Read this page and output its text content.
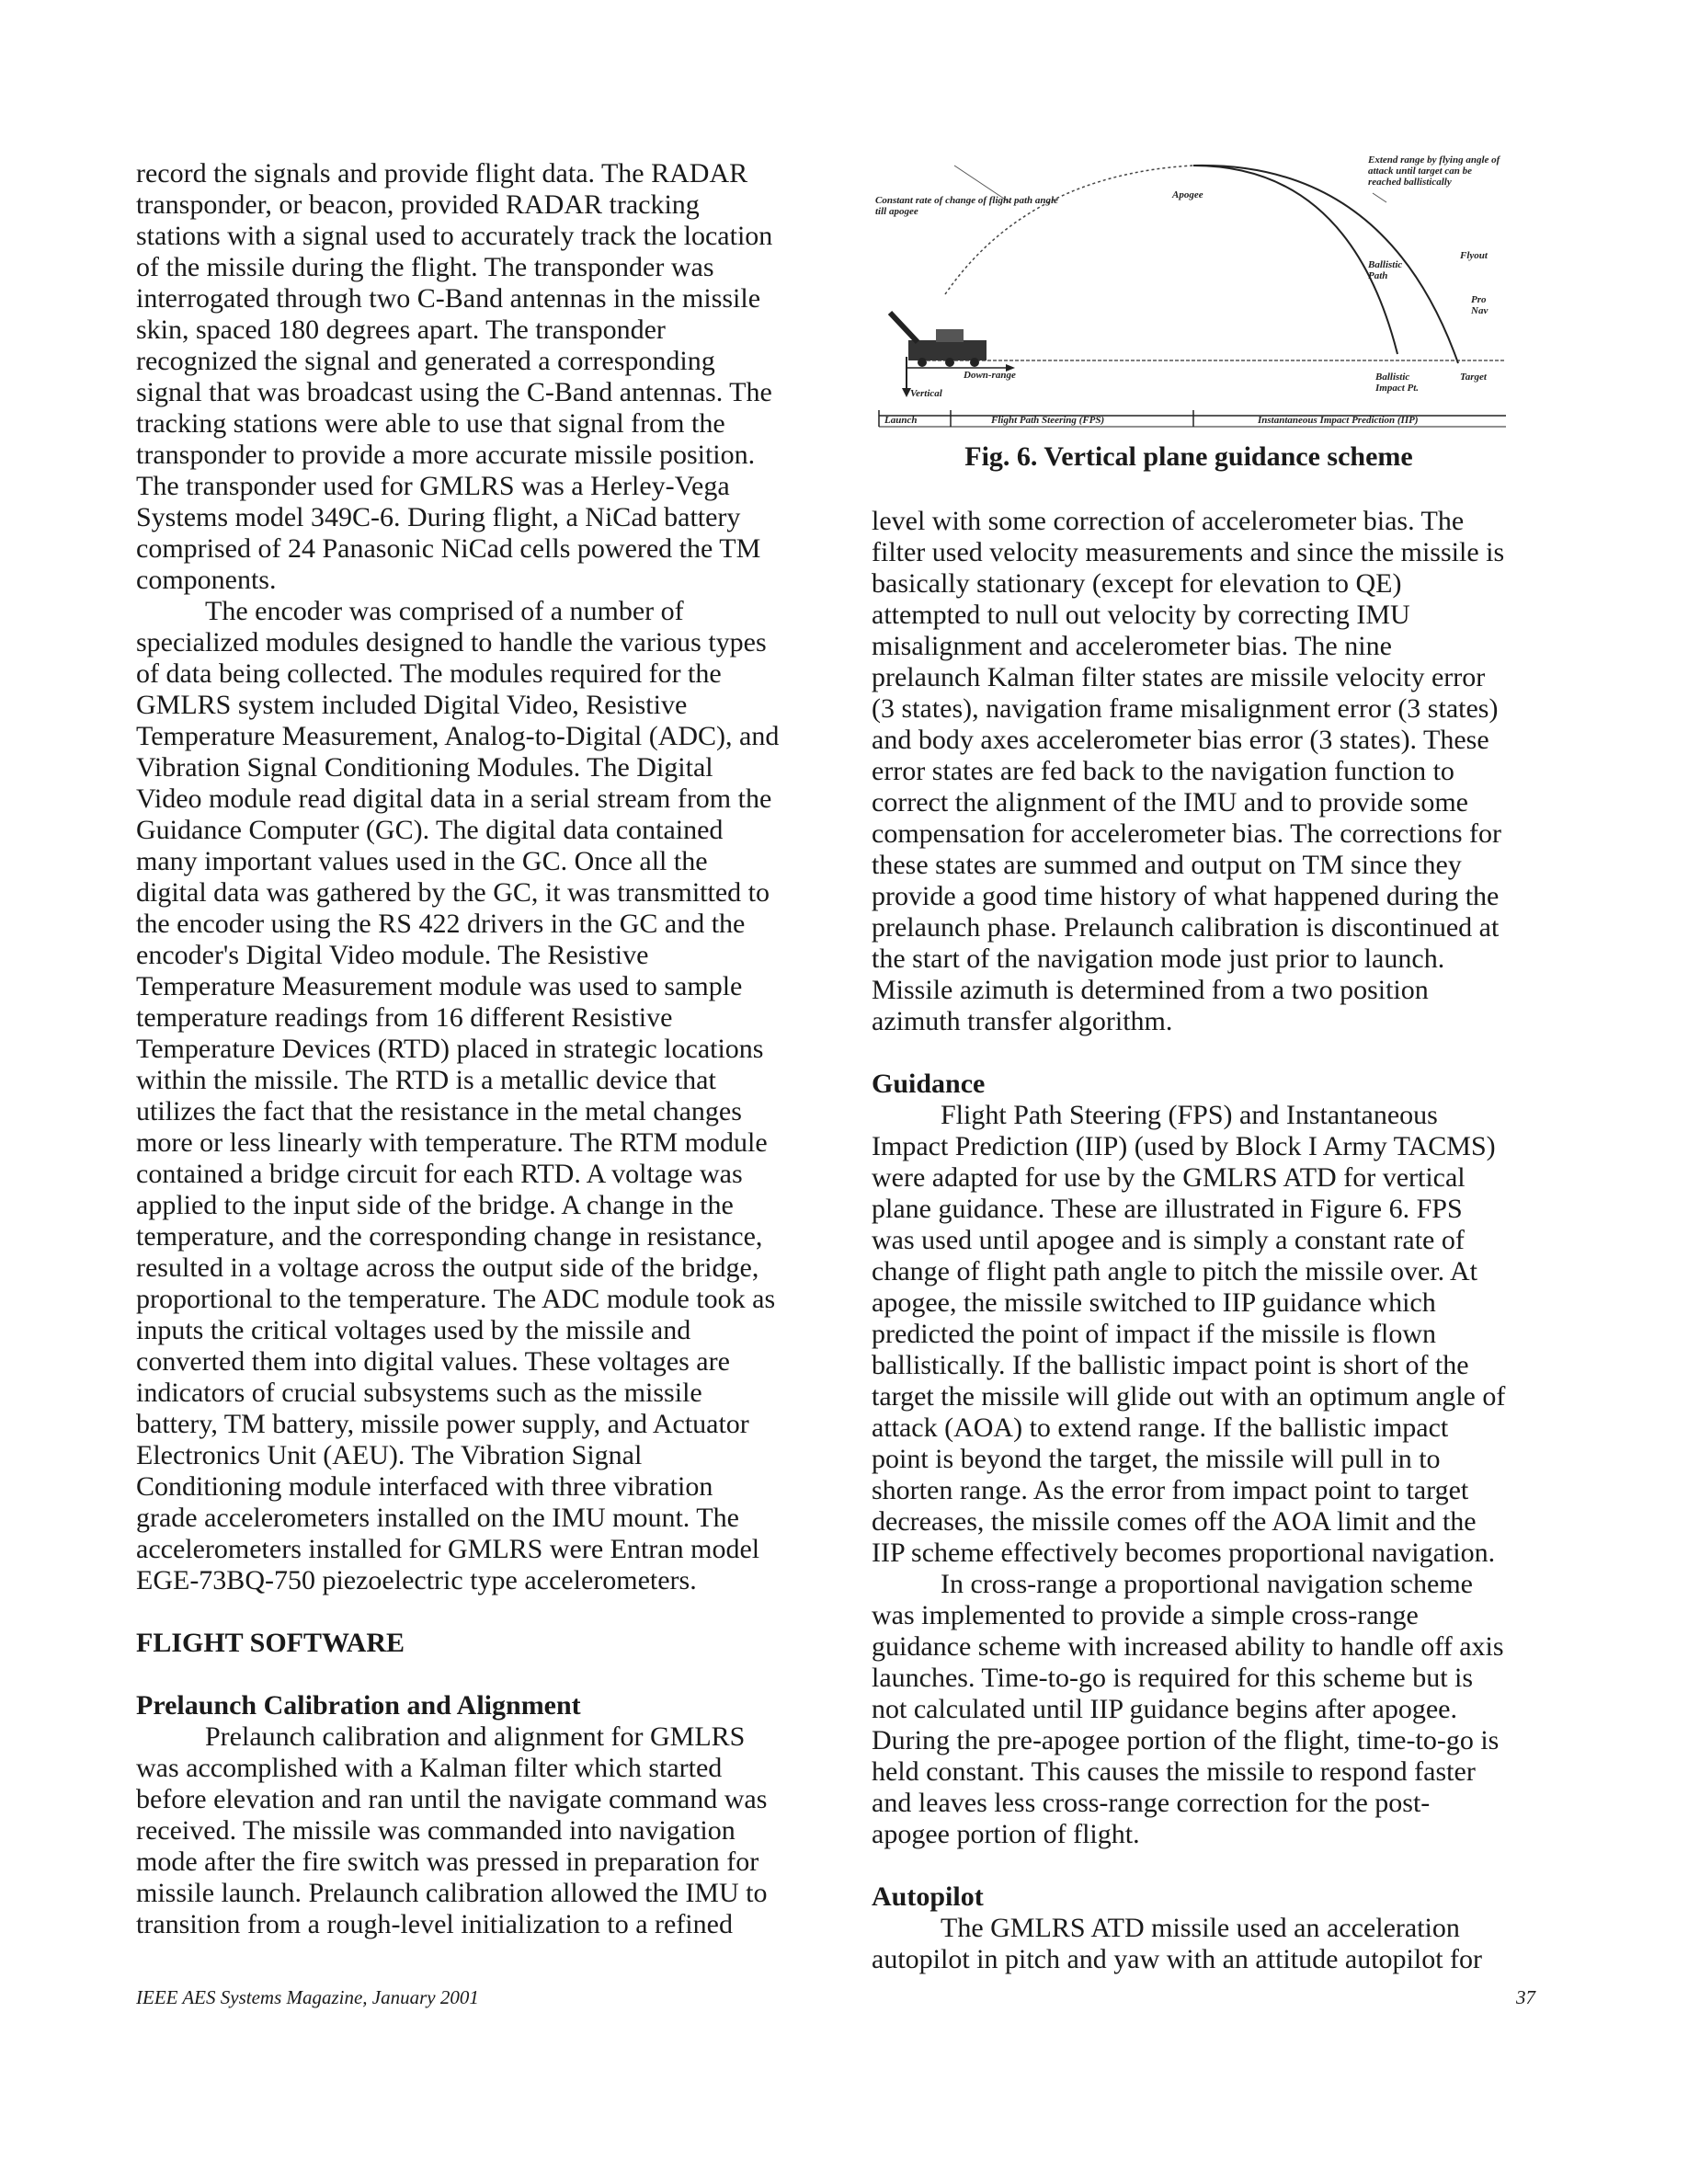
record the signals and provide flight data. The RADAR transponder, or beacon, provided RADAR tracking stations with a signal used to accurately track the location of the missile during the flight. The transponder was interrogated through two C-Band antennas in the missile skin, spaced 180 degrees apart. The transponder recognized the signal and generated a corresponding signal that was broadcast using the C-Band antennas. The tracking stations were able to use that signal from the transponder to provide a more accurate missile position. The transponder used for GMLRS was a Herley-Vega Systems model 349C-6. During flight, a NiCad battery comprised of 24 Panasonic NiCad cells powered the TM components.

The encoder was comprised of a number of specialized modules designed to handle the various types of data being collected. The modules required for the GMLRS system included Digital Video, Resistive Temperature Measurement, Analog-to-Digital (ADC), and Vibration Signal Conditioning Modules. The Digital Video module read digital data in a serial stream from the Guidance Computer (GC). The digital data contained many important values used in the GC. Once all the digital data was gathered by the GC, it was transmitted to the encoder using the RS 422 drivers in the GC and the encoder's Digital Video module. The Resistive Temperature Measurement module was used to sample temperature readings from 16 different Resistive Temperature Devices (RTD) placed in strategic locations within the missile. The RTD is a metallic device that utilizes the fact that the resistance in the metal changes more or less linearly with temperature. The RTM module contained a bridge circuit for each RTD. A voltage was applied to the input side of the bridge. A change in the temperature, and the corresponding change in resistance, resulted in a voltage across the output side of the bridge, proportional to the temperature. The ADC module took as inputs the critical voltages used by the missile and converted them into digital values. These voltages are indicators of crucial subsystems such as the missile battery, TM battery, missile power supply, and Actuator Electronics Unit (AEU). The Vibration Signal Conditioning module interfaced with three vibration grade accelerometers installed on the IMU mount. The accelerometers installed for GMLRS were Entran model EGE-73BQ-750 piezoelectric type accelerometers.

FLIGHT SOFTWARE

Prelaunch Calibration and Alignment

Prelaunch calibration and alignment for GMLRS was accomplished with a Kalman filter which started before elevation and ran until the navigate command was received. The missile was commanded into navigation mode after the fire switch was pressed in preparation for missile launch. Prelaunch calibration allowed the IMU to transition from a rough-level initialization to a refined

Constant rate of change of flight path angle till apogee
Apogee
Extend range by flying angle of attack until target can be reached ballistically
Flyout
Ballistic Path
Pro Nav
Down-range
Vertical
Ballistic Impact Pt.
Target
Launch	Flight Path Steering (FPS)	Instantaneous Impact Prediction (IIP)
Fig. 6. Vertical plane guidance scheme

level with some correction of accelerometer bias. The filter used velocity measurements and since the missile is basically stationary (except for elevation to QE) attempted to null out velocity by correcting IMU misalignment and accelerometer bias. The nine prelaunch Kalman filter states are missile velocity error (3 states), navigation frame misalignment error (3 states) and body axes accelerometer bias error (3 states). These error states are fed back to the navigation function to correct the alignment of the IMU and to provide some compensation for accelerometer bias. The corrections for these states are summed and output on TM since they provide a good time history of what happened during the prelaunch phase. Prelaunch calibration is discontinued at the start of the navigation mode just prior to launch. Missile azimuth is determined from a two position azimuth transfer algorithm.

Guidance

Flight Path Steering (FPS) and Instantaneous Impact Prediction (IIP) (used by Block I Army TACMS) were adapted for use by the GMLRS ATD for vertical plane guidance. These are illustrated in Figure 6. FPS was used until apogee and is simply a constant rate of change of flight path angle to pitch the missile over. At apogee, the missile switched to IIP guidance which predicted the point of impact if the missile is flown ballistically. If the ballistic impact point is short of the target the missile will glide out with an optimum angle of attack (AOA) to extend range. If the ballistic impact point is beyond the target, the missile will pull in to shorten range. As the error from impact point to target decreases, the missile comes off the AOA limit and the IIP scheme effectively becomes proportional navigation.

In cross-range a proportional navigation scheme was implemented to provide a simple cross-range guidance scheme with increased ability to handle off axis launches. Time-to-go is required for this scheme but is not calculated until IIP guidance begins after apogee. During the pre-apogee portion of the flight, time-to-go is held constant. This causes the missile to respond faster and leaves less cross-range correction for the post-apogee portion of flight.

Autopilot

The GMLRS ATD missile used an acceleration autopilot in pitch and yaw with an attitude autopilot for

IEEE AES Systems Magazine, January 2001	37
